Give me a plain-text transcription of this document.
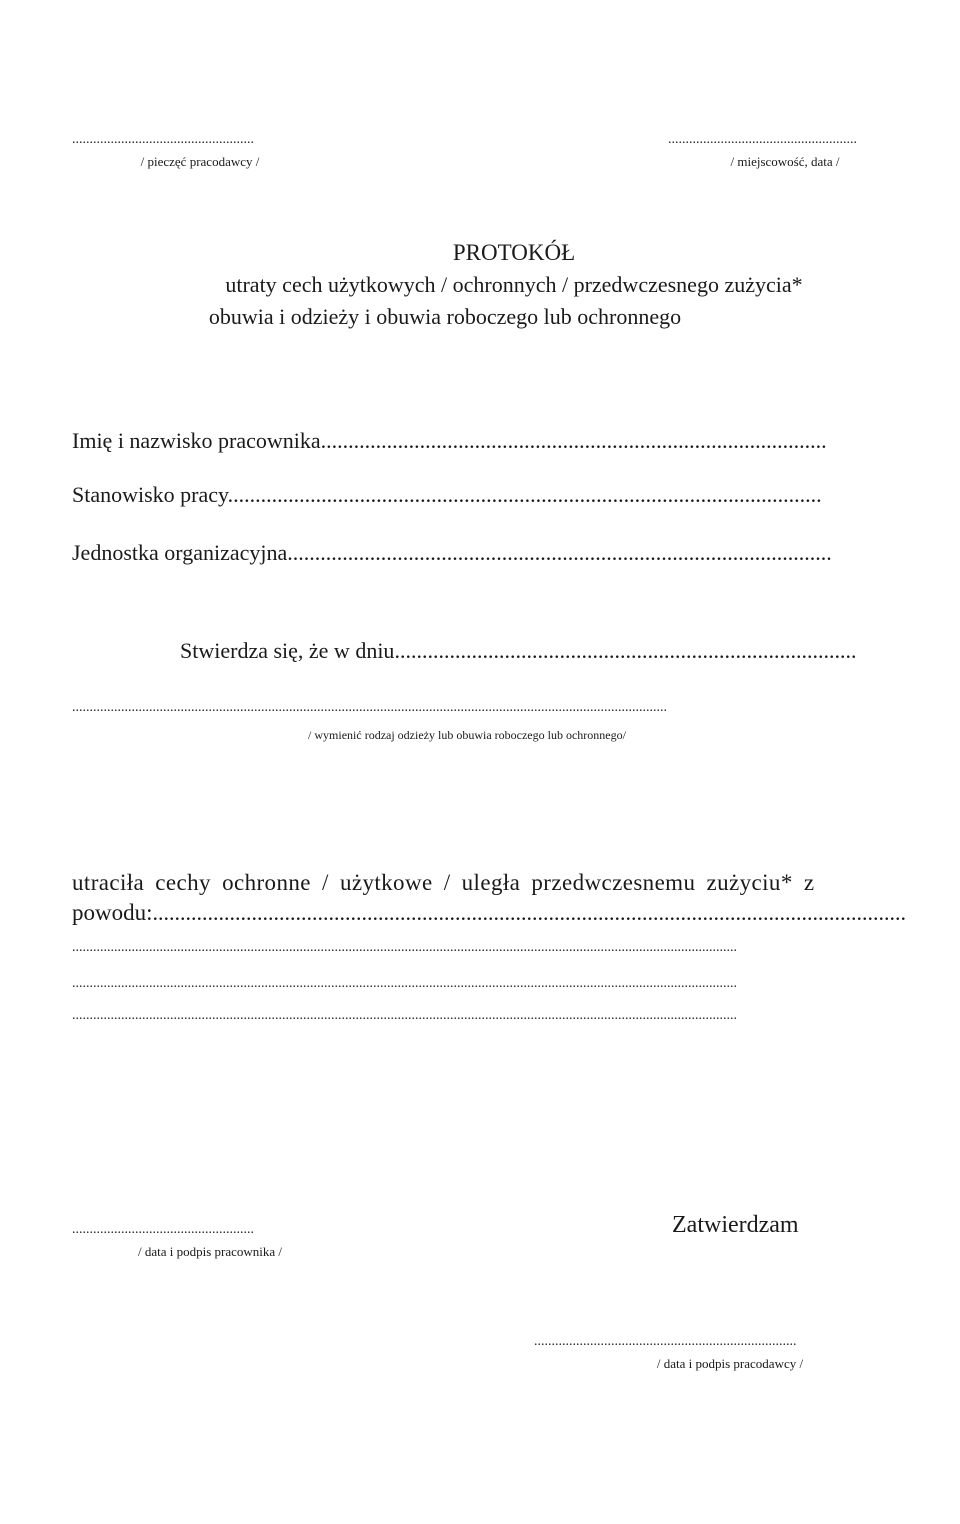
....................................................
/ pieczęć pracodawcy /
......................................................
/ miejscowość, data /
PROTOKÓŁ
utraty cech użytkowych / ochronnych / przedwczesnego zużycia*
obuwia i odzieży i obuwia roboczego lub ochronnego
Imię i nazwisko pracownika............................................................................................
Stanowisko pracy............................................................................................................
Jednostka organizacyjna...................................................................................................
Stwierdza się, że w dniu....................................................................................
..........................................................................................................................................................................
/ wymienić rodzaj odzieży lub obuwia roboczego lub ochronnego/
utraciła cechy ochronne / użytkowe / uległa przedwczesnemu zużyciu* z
powodu:.........................................................................................................................................
..............................................................................................................................................................................................
..............................................................................................................................................................................................
..............................................................................................................................................................................................
....................................................
/ data i podpis pracownika /
Zatwierdzam
...........................................................................
/ data i podpis pracodawcy /
